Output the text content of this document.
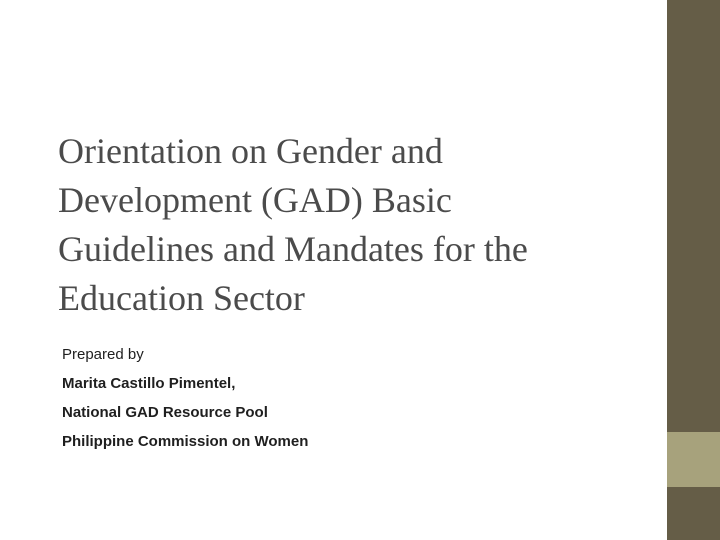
Orientation on Gender and
Development (GAD) Basic
Guidelines and Mandates for the
Education Sector
Prepared by
Marita Castillo Pimentel,
National GAD Resource Pool
Philippine Commission on Women
